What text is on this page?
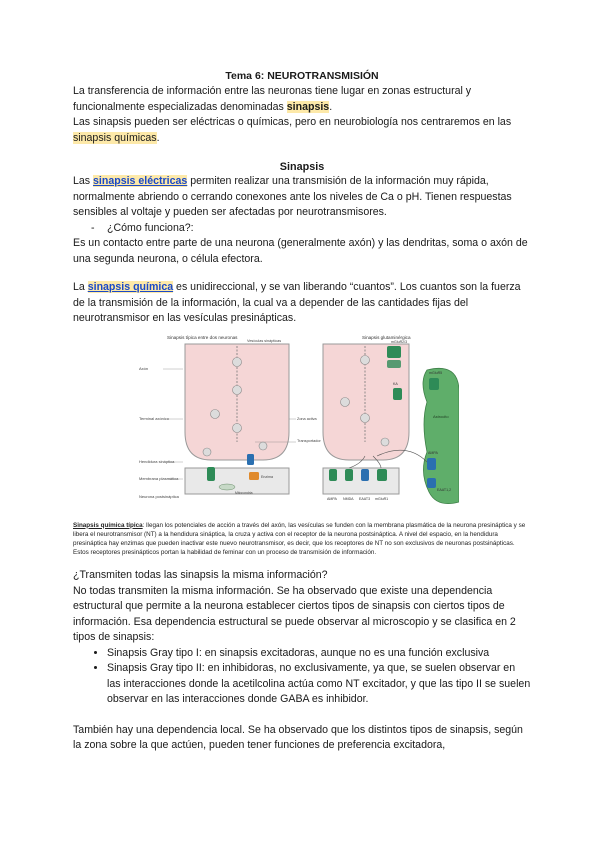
Tema 6: NEUROTRANSMISIÓN

La transferencia de información entre las neuronas tiene lugar en zonas estructural y funcionalmente especializadas denominadas sinapsis.

Las sinapsis pueden ser eléctricas o químicas, pero en neurobiología nos centraremos en las sinapsis químicas.

Sinapsis

Las sinapsis eléctricas permiten realizar una transmisión de la información muy rápida, normalmente abriendo o cerrando conexones ante los niveles de Ca o pH. Tienen respuestas sensibles al voltaje y pueden ser afectadas por neurotransmisores.

- ¿Cómo funciona?:

Es un contacto entre parte de una neurona (generalmente axón) y las dendritas, soma o axón de una segunda neurona, o célula efectora.

La sinapsis química es unidireccional, y se van liberando “cuantos”. Los cuantos son la fuerza de la transmisión de la información, la cual va a depender de las cantidades fijas del neurotransmisor en las vesículas presinápticas.

Sinapsis típica entre dos neuronas	Sinapsis glutaminérgica
Axón
Terminal axónico
Hendidura sináptica
Membrana plasmática
Neurona postsináptica
Vesículas sinápticas
Zona activa
Transportador
Enzima
Mitocondria
Astrocito
mGluR2/3
mGluR5
KA
AMPA
EAAT1,2
AMPA NMDA EAAT3 mGluR1

Sinapsis química típica: llegan los potenciales de acción a través del axón, las vesículas se funden con la membrana plasmática de la neurona presináptica y se libera el neurotransmisor (NT) a la hendidura sináptica, la cruza y activa con el receptor de la neurona postsináptica. A nivel del espacio, en la hendidura presináptica hay enzimas que pueden inactivar este nuevo neurotransmisor, es decir, que los receptores de NT no son exclusivos de neuronas postsinápticas. Estos receptores presinápticos portan la habilidad de feminar con un proceso de transmisión de información.

¿Transmiten todas las sinapsis la misma información?

No todas transmiten la misma información. Se ha observado que existe una dependencia estructural que permite a la neurona establecer ciertos tipos de sinapsis con ciertos tipos de información. Esa dependencia estructural se puede observar al microscopio y se clasifica en 2 tipos de sinapsis:

• Sinapsis Gray tipo I: en sinapsis excitadoras, aunque no es una función exclusiva
• Sinapsis Gray tipo II: en inhibidoras, no exclusivamente, ya que, se suelen observar en las interacciones donde la acetilcolina actúa como NT excitador, y que las tipo II se suelen observar en las interacciones donde GABA es inhibidor.

También hay una dependencia local. Se ha observado que los distintos tipos de sinapsis, según la zona sobre la que actúen, pueden tener funciones de preferencia excitadora,
